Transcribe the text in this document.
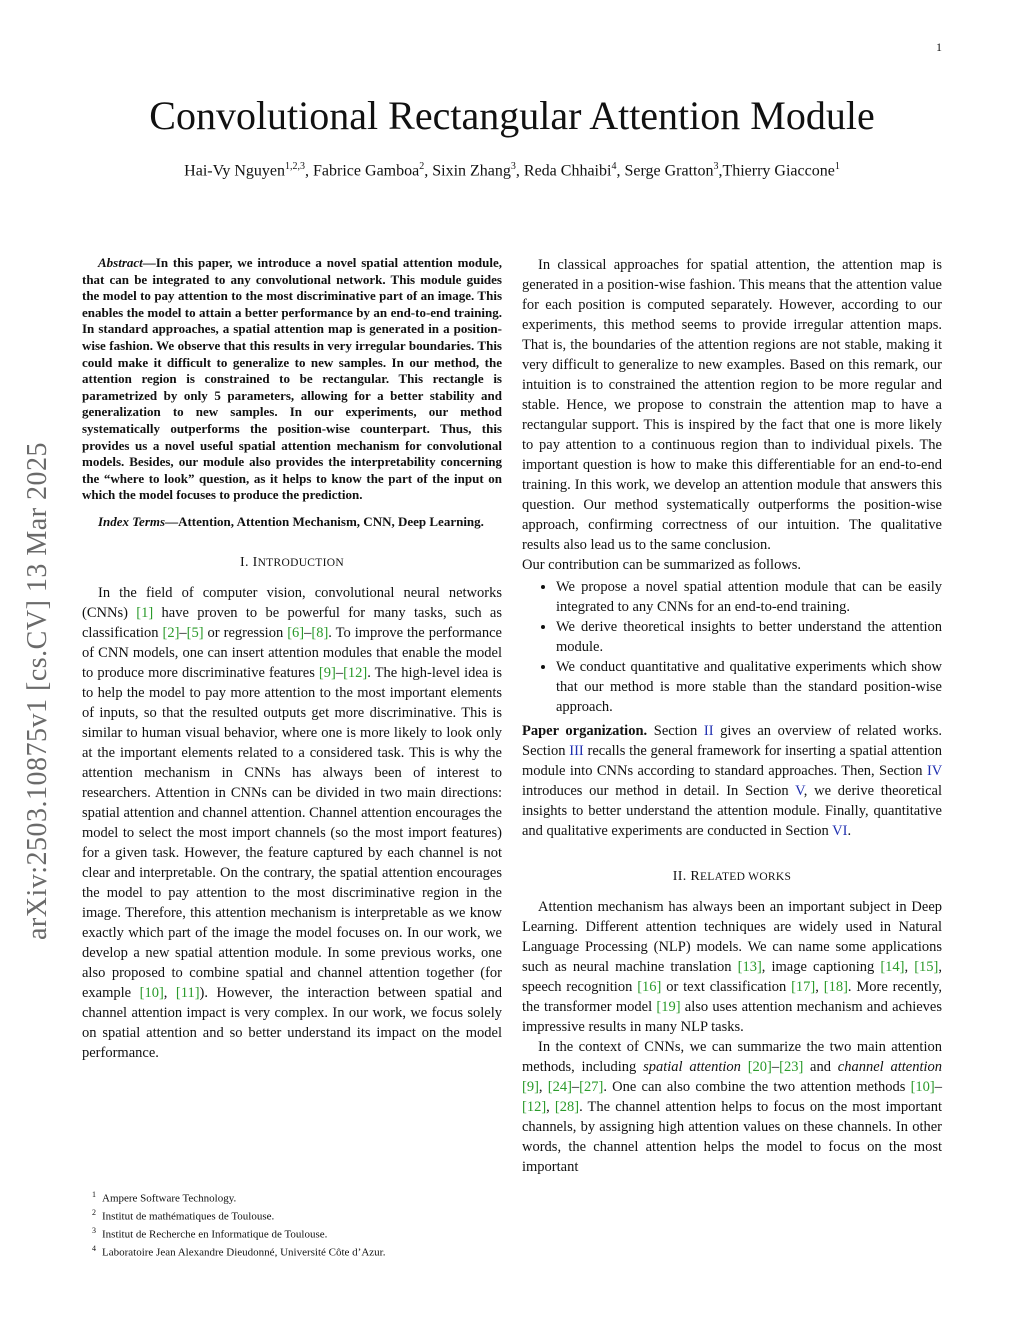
1
Convolutional Rectangular Attention Module
Hai-Vy Nguyen$^{1,2,3}$, Fabrice Gamboa$^2$, Sixin Zhang$^3$, Reda Chhaibi$^4$, Serge Gratton$^3$,Thierry Giaccone$^1$
arXiv:2503.10875v1 [cs.CV] 13 Mar 2025

Abstract—In this paper, we introduce a novel spatial attention module, that can be integrated to any convolutional network. This module guides the model to pay attention to the most discriminative part of an image. This enables the model to attain a better performance by an end-to-end training. In standard approaches, a spatial attention map is generated in a position-wise fashion. We observe that this results in very irregular boundaries. This could make it difficult to generalize to new samples. In our method, the attention region is constrained to be rectangular. This rectangle is parametrized by only 5 parameters, allowing for a better stability and generalization to new samples. In our experiments, our method systematically outperforms the position-wise counterpart. Thus, this provides us a novel useful spatial attention mechanism for convolutional models. Besides, our module also provides the interpretability concerning the “where to look” question, as it helps to know the part of the input on which the model focuses to produce the prediction.

Index Terms—Attention, Attention Mechanism, CNN, Deep Learning.

I. INTRODUCTION

In the field of computer vision, convolutional neural networks (CNNs) [1] have proven to be powerful for many tasks, such as classification [2]–[5] or regression [6]–[8]. To improve the performance of CNN models, one can insert attention modules that enable the model to produce more discriminative features [9]–[12]. The high-level idea is to help the model to pay more attention to the most important elements of inputs, so that the resulted outputs get more discriminative. This is similar to human visual behavior, where one is more likely to look only at the important elements related to a considered task. This is why the attention mechanism in CNNs has always been of interest to researchers. Attention in CNNs can be divided in two main directions: spatial attention and channel attention. Channel attention encourages the model to select the most import channels (so the most import features) for a given task. However, the feature captured by each channel is not clear and interpretable. On the contrary, the spatial attention encourages the model to pay attention to the most discriminative region in the image. Therefore, this attention mechanism is interpretable as we know exactly which part of the image the model focuses on. In our work, we develop a new spatial attention module. In some previous works, one also proposed to combine spatial and channel attention together (for example [10], [11]). However, the interaction between spatial and channel attention impact is very complex. In our work, we focus solely on spatial attention and so better understand its impact on the model performance.

$^1$ Ampere Software Technology.
$^2$ Institut de mathématiques de Toulouse.
$^3$ Institut de Recherche en Informatique de Toulouse.
$^4$ Laboratoire Jean Alexandre Dieudonné, Université Côte d’Azur.

In classical approaches for spatial attention, the attention map is generated in a position-wise fashion. This means that the attention value for each position is computed separately. However, according to our experiments, this method seems to provide irregular attention maps. That is, the boundaries of the attention regions are not stable, making it very difficult to generalize to new examples. Based on this remark, our intuition is to constrained the attention region to be more regular and stable. Hence, we propose to constrain the attention map to have a rectangular support. This is inspired by the fact that one is more likely to pay attention to a continuous region than to individual pixels. The important question is how to make this differentiable for an end-to-end training. In this work, we develop an attention module that answers this question. Our method systematically outperforms the position-wise approach, confirming correctness of our intuition. The qualitative results also lead us to the same conclusion.

Our contribution can be summarized as follows.

• We propose a novel spatial attention module that can be easily integrated to any CNNs for an end-to-end training.
• We derive theoretical insights to better understand the attention module.
• We conduct quantitative and qualitative experiments which show that our method is more stable than the standard position-wise approach.

Paper organization. Section II gives an overview of related works. Section III recalls the general framework for inserting a spatial attention module into CNNs according to standard approaches. Then, Section IV introduces our method in detail. In Section V, we derive theoretical insights to better understand the attention module. Finally, quantitative and qualitative experiments are conducted in Section VI.

II. RELATED WORKS

Attention mechanism has always been an important subject in Deep Learning. Different attention techniques are widely used in Natural Language Processing (NLP) models. We can name some applications such as neural machine translation [13], image captioning [14], [15], speech recognition [16] or text classification [17], [18]. More recently, the transformer model [19] also uses attention mechanism and achieves impressive results in many NLP tasks.

In the context of CNNs, we can summarize the two main attention methods, including spatial attention [20]–[23] and channel attention [9], [24]–[27]. One can also combine the two attention methods [10]–[12], [28]. The channel attention helps to focus on the most important channels, by assigning high attention values on these channels. In other words, the channel attention helps the model to focus on the most important
